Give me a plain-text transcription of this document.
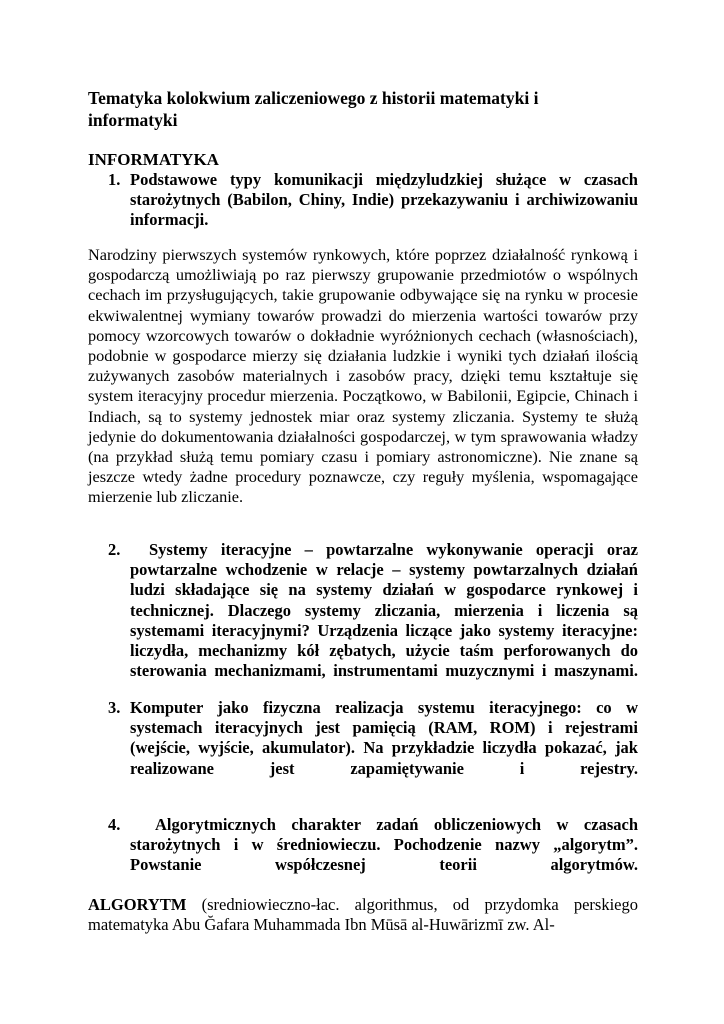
Tematyka kolokwium zaliczeniowego z historii matematyki i informatyki
INFORMATYKA
1. Podstawowe typy komunikacji międzyludzkiej służące w czasach starożytnych (Babilon, Chiny, Indie) przekazywaniu i archiwizowaniu informacji.

Narodziny pierwszych systemów rynkowych, które poprzez działalność rynkową i gospodarczą umożliwiają po raz pierwszy grupowanie przedmiotów o wspólnych cechach im przysługujących, takie grupowanie odbywające się na rynku w procesie ekwiwalentnej wymiany towarów prowadzi do mierzenia wartości towarów przy pomocy wzorcowych towarów o dokładnie wyróżnionych cechach (własnościach), podobnie w gospodarce mierzy się działania ludzkie i wyniki tych działań ilością zużywanych zasobów materialnych i zasobów pracy, dzięki temu kształtuje się system iteracyjny procedur mierzenia. Początkowo, w Babilonii, Egipcie, Chinach i Indiach, są to systemy jednostek miar oraz systemy zliczania. Systemy te służą jedynie do dokumentowania działalności gospodarczej, w tym sprawowania władzy (na przykład służą temu pomiary czasu i pomiary astronomiczne). Nie znane są jeszcze wtedy żadne procedury poznawcze, czy reguły myślenia, wspomagające mierzenie lub zliczanie.

2.	Systemy iteracyjne – powtarzalne wykonywanie operacji oraz powtarzalne wchodzenie w relacje – systemy powtarzalnych działań ludzi składające się na systemy działań w gospodarce rynkowej i technicznej. Dlaczego systemy zliczania, mierzenia i liczenia są systemami iteracyjnymi? Urządzenia liczące jako systemy iteracyjne: liczydła, mechanizmy kół zębatych, użycie taśm perforowanych do sterowania mechanizmami, instrumentami muzycznymi i maszynami.
3. Komputer jako fizyczna realizacja systemu iteracyjnego: co w systemach iteracyjnych jest pamięcią (RAM, ROM) i rejestrami (wejście, wyjście, akumulator). Na przykładzie liczydła pokazać, jak realizowane jest zapamiętywanie i rejestry.
4.	Algorytmicznych charakter zadań obliczeniowych w czasach starożytnych i w średniowieczu. Pochodzenie nazwy „algorytm”. Powstanie współczesnej teorii algorytmów.

ALGORYTM (sredniowieczno-łac. algorithmus, od przydomka perskiego matematyka Abu Ğafara Muhammada Ibn Mūsā al-Huwārizmī zw. Al-
